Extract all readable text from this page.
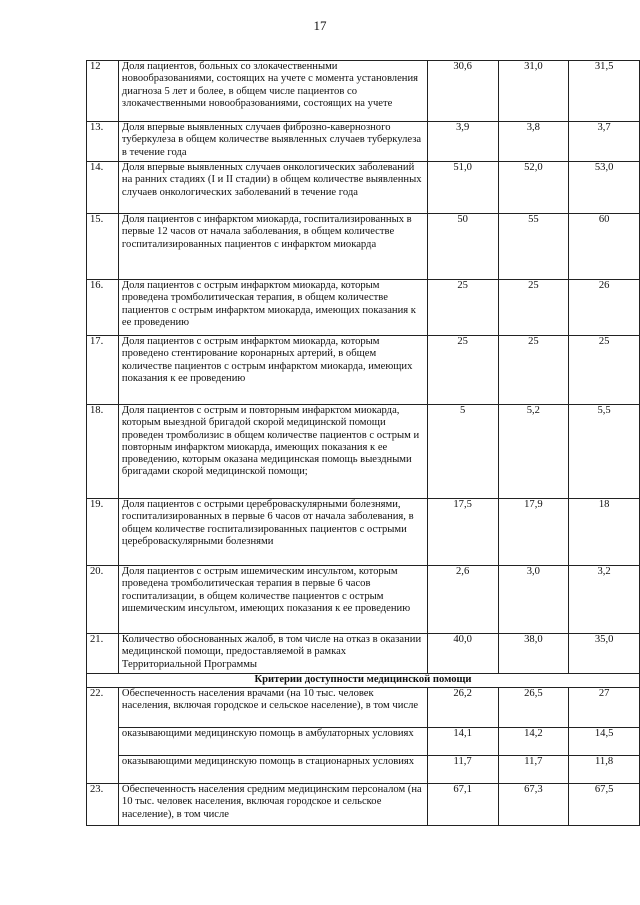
17
12	Доля пациентов, больных со злокачественными новообразованиями, состоящих на учете с момента установления диагноза 5 лет и более, в общем числе пациентов со злокачественными новообразованиями, состоящих на учете	30,6	31,0	31,5
13.	Доля впервые выявленных случаев фиброзно-кавернозного туберкулеза в общем количестве выявленных случаев туберкулеза в течение года	3,9	3,8	3,7
14.	Доля впервые выявленных случаев онкологических заболеваний на ранних стадиях (I и II стадии) в общем количестве выявленных случаев онкологических заболеваний в течение года	51,0	52,0	53,0
15.	Доля пациентов с инфарктом миокарда, госпитализированных в первые 12 часов от начала заболевания, в общем количестве госпитализированных пациентов с инфарктом миокарда	50	55	60
16.	Доля пациентов с острым инфарктом миокарда, которым проведена тромболитическая терапия, в общем количестве пациентов с острым инфарктом миокарда, имеющих показания к ее проведению	25	25	26
17.	Доля пациентов с острым инфарктом миокарда, которым проведено стентирование коронарных артерий, в общем количестве пациентов с острым инфарктом миокарда, имеющих показания к ее проведению	25	25	25
18.	Доля пациентов с острым и повторным инфарктом миокарда, которым выездной бригадой скорой медицинской помощи проведен тромболизис в общем количестве пациентов с острым и повторным инфарктом миокарда, имеющих показания к ее проведению, которым оказана медицинская помощь выездными бригадами скорой медицинской помощи;	5	5,2	5,5
19.	Доля пациентов с острыми цереброваскулярными болезнями, госпитализированных в первые 6 часов от начала заболевания, в общем количестве госпитализированных пациентов с острыми цереброваскулярными болезнями	17,5	17,9	18
20.	Доля пациентов с острым ишемическим инсультом, которым проведена тромболитическая терапия в первые 6 часов госпитализации, в общем количестве пациентов с острым ишемическим инсультом, имеющих показания к ее проведению	2,6	3,0	3,2
21.	Количество обоснованных жалоб, в том числе на отказ в оказании медицинской помощи, предоставляемой в рамках Территориальной Программы	40,0	38,0	35,0
Критерии доступности медицинской помощи				
22.	Обеспеченность населения врачами (на 10 тыс. человек населения, включая городское и сельское население), в том числе	26,2	26,5	27
	оказывающими медицинскую помощь в амбулаторных условиях	14,1	14,2	14,5
	оказывающими медицинскую помощь в стационарных условиях	11,7	11,7	11,8
23.	Обеспеченность населения средним медицинским персоналом (на 10 тыс. человек населения, включая городское и сельское население), в том числе	67,1	67,3	67,5
